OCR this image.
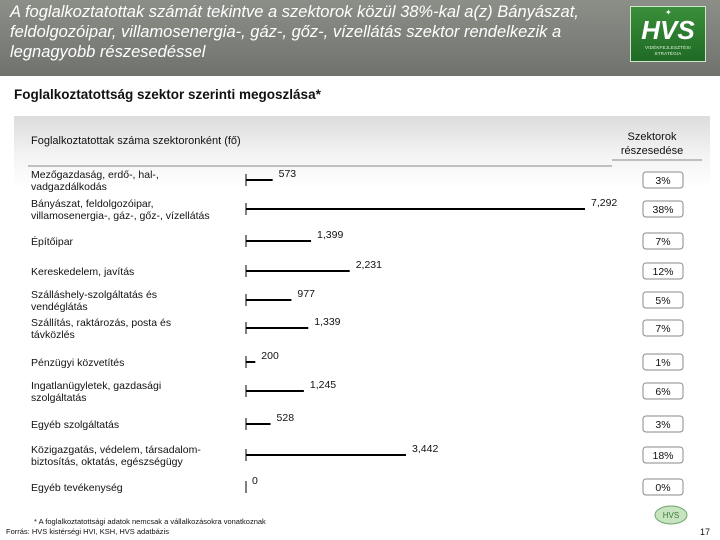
A foglalkoztatottak számát tekintve a szektorok közül 38%-kal a(z) Bányászat, feldolgozóipar, villamosenergia-, gáz-, gőz-, vízellátás szektor rendelkezik a legnagyobb részesedéssel
✦
HVS
VIDÉKFEJLESZTÉSI STRATÉGIA
Foglalkoztatottság szektor szerinti megoszlása*
Foglalkoztatottak száma szektoronként (fő)	Szektorok részesedése
Mezőgazdaság, erdő-, hal-, vadgazdálkodás
573
3%
Bányászat, feldolgozóipar, villamosenergia-, gáz-, gőz-, vízellátás
7,292
38%
Építőipar
1,399
7%
Kereskedelem, javítás
2,231
12%
Szálláshely-szolgáltatás és vendéglátás
977
5%
Szállítás, raktározás, posta és távközlés
1,339
7%
Pénzügyi közvetítés
200
1%
Ingatlanügyletek, gazdasági szolgáltatás
1,245
6%
Egyéb szolgáltatás
528
3%
Közigazgatás, védelem, társadalom-biztosítás, oktatás, egészségügy
3,442
18%
Egyéb tevékenység
0
0%
* A foglalkoztatottsági adatok nemcsak a vállalkozásokra vonatkoznak
Forrás: HVS kistérségi HVI, KSH, HVS adatbázis
HVS
17
